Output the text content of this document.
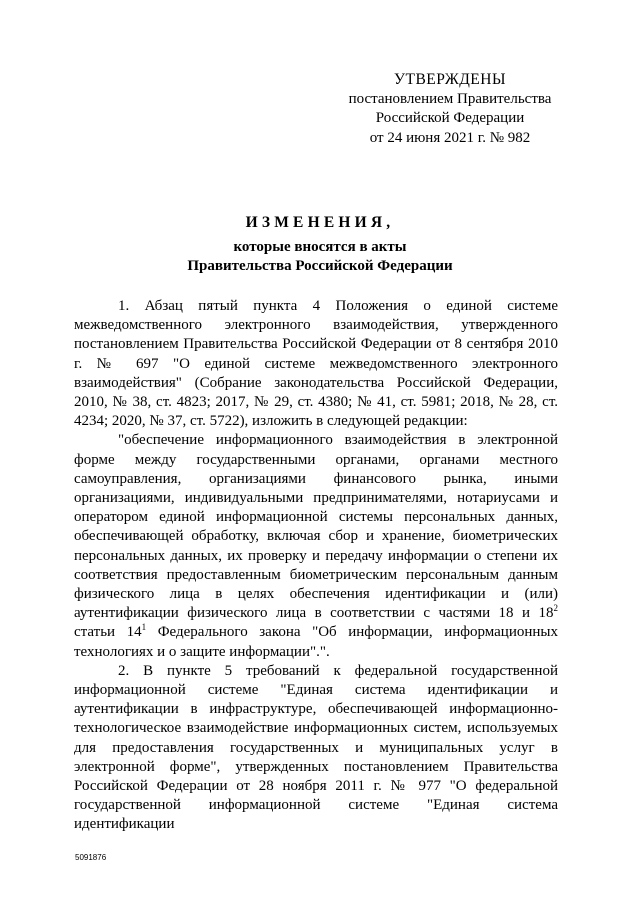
УТВЕРЖДЕНЫ
постановлением Правительства
Российской Федерации
от 24 июня 2021 г. № 982
ИЗМЕНЕНИЯ,
которые вносятся в акты
Правительства Российской Федерации

1. Абзац пятый пункта 4 Положения о единой системе межведомственного электронного взаимодействия, утвержденного постановлением Правительства Российской Федерации от 8 сентября 2010 г. № 697 "О единой системе межведомственного электронного взаимодействия" (Собрание законодательства Российской Федерации, 2010, № 38, ст. 4823; 2017, № 29, ст. 4380; № 41, ст. 5981; 2018, № 28, ст. 4234; 2020, № 37, ст. 5722), изложить в следующей редакции:

"обеспечение информационного взаимодействия в электронной форме между государственными органами, органами местного самоуправления, организациями финансового рынка, иными организациями, индивидуальными предпринимателями, нотариусами и оператором единой информационной системы персональных данных, обеспечивающей обработку, включая сбор и хранение, биометрических персональных данных, их проверку и передачу информации о степени их соответствия предоставленным биометрическим персональным данным физического лица в целях обеспечения идентификации и (или) аутентификации физического лица в соответствии с частями 18 и $18^2$ статьи $14^1$ Федерального закона "Об информации, информационных технологиях и о защите информации".".

2. В пункте 5 требований к федеральной государственной информационной системе "Единая система идентификации и аутентификации в инфраструктуре, обеспечивающей информационно-технологическое взаимодействие информационных систем, используемых для предоставления государственных и муниципальных услуг в электронной форме", утвержденных постановлением Правительства Российской Федерации от 28 ноября 2011 г. № 977 "О федеральной государственной информационной системе "Единая система идентификации

5091876
